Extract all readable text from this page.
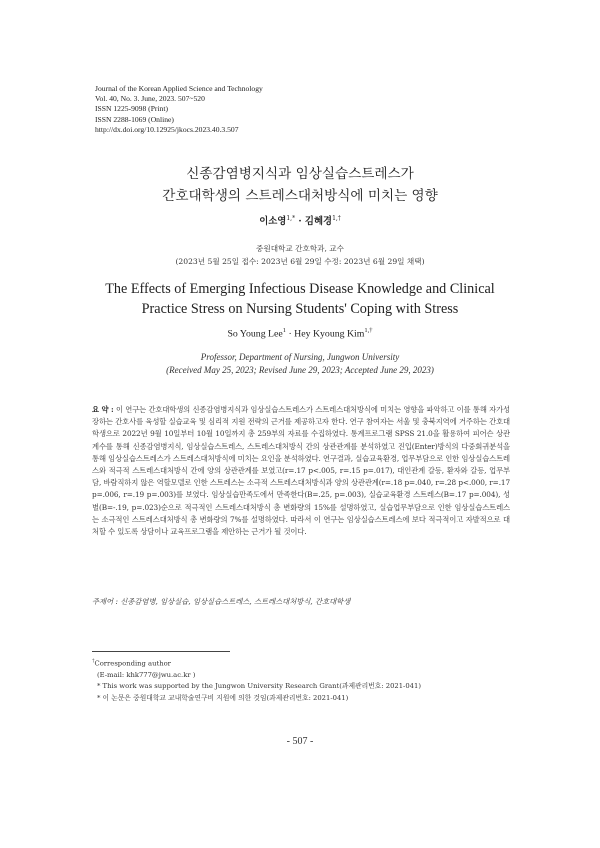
Journal of the Korean Applied Science and Technology
Vol. 40, No. 3. June, 2023. 507~520
ISSN 1225-9098 (Print)
ISSN 2288-1069 (Online)
http://dx.doi.org/10.12925/jkocs.2023.40.3.507
신종감염병지식과 임상실습스트레스가
간호대학생의 스트레스대처방식에 미치는 영향
이소영$^{1,*}$ · 김혜경$^{1,\dagger}$
중원대학교 간호학과, 교수
(2023년 5월 25일 접수: 2023년 6월 29일 수정: 2023년 6월 29일 채택)
The Effects of Emerging Infectious Disease Knowledge and Clinical
Practice Stress on Nursing Students' Coping with Stress
So Young Lee$^1$ · Hey Kyoung Kim$^{1,\dagger}$
Professor, Department of Nursing, Jungwon University
(Received May 25, 2023; Revised June 29, 2023; Accepted June 29, 2023)
요 약 : 이 연구는 간호대학생의 신종감염병지식과 임상실습스트레스가 스트레스대처방식에 미치는 영향을 파악하고 이를 통해 자가성장하는 간호사를 육성할 실습교육 및 심리적 지원 전략의 근거를 제공하고자 한다. 연구 참여자는 서울 및 충북지역에 거주하는 간호대학생으로 2022년 9월 10일부터 10월 10일까지 총 259부의 자료를 수집하였다. 통계프로그램 SPSS 21.0을 활용하여 피어슨 상관계수를 통해 신종감염병지식, 임상실습스트레스, 스트레스대처방식 간의 상관관계를 분석하였고 진입(Enter)방식의 다중회귀분석을 통해 임상실습스트레스가 스트레스대처방식에 미치는 요인을 분석하였다. 연구결과, 실습교육환경, 업무부담으로 인한 임상실습스트레스와 적극적 스트레스대처방식 간에 양의 상관관계를 보였고(r=.17 p<.005, r=.15 p=.017), 대인관계 갈등, 환자와 갈등, 업무부담, 바람직하지 않은 역할모델로 인한 스트레스는 소극적 스트레스대처방식과 양의 상관관계(r=.18 p=.040, r=.28 p<.000, r=.17 p=.006, r=.19 p=.003)를 보였다. 임상실습만족도에서 만족한다(B=.25, p=.003), 실습교육환경 스트레스(B=.17 p=.004), 성별(B=-.19, p=.023)순으로 적극적인 스트레스대처방식 총 변화량의 15%를 설명하였고, 실습업무부담으로 인한 임상실습스트레스는 소극적인 스트레스대처방식 총 변화량의 7%를 설명하였다. 따라서 이 연구는 임상실습스트레스에 보다 적극적이고 자발적으로 대처할 수 있도록 상담이나 교육프로그램을 제안하는 근거가 될 것이다.
주제어 : 신종감염병, 임상실습, 임상실습스트레스, 스트레스대처방식, 간호대학생
†Corresponding author
(E-mail: khk777@jwu.ac.kr )
* This work was supported by the Jungwon University Research Grant(과제관리번호: 2021-041)
* 이 논문은 중원대학교 교내학술연구비 지원에 의한 것임(과제관리번호: 2021-041)
- 507 -
